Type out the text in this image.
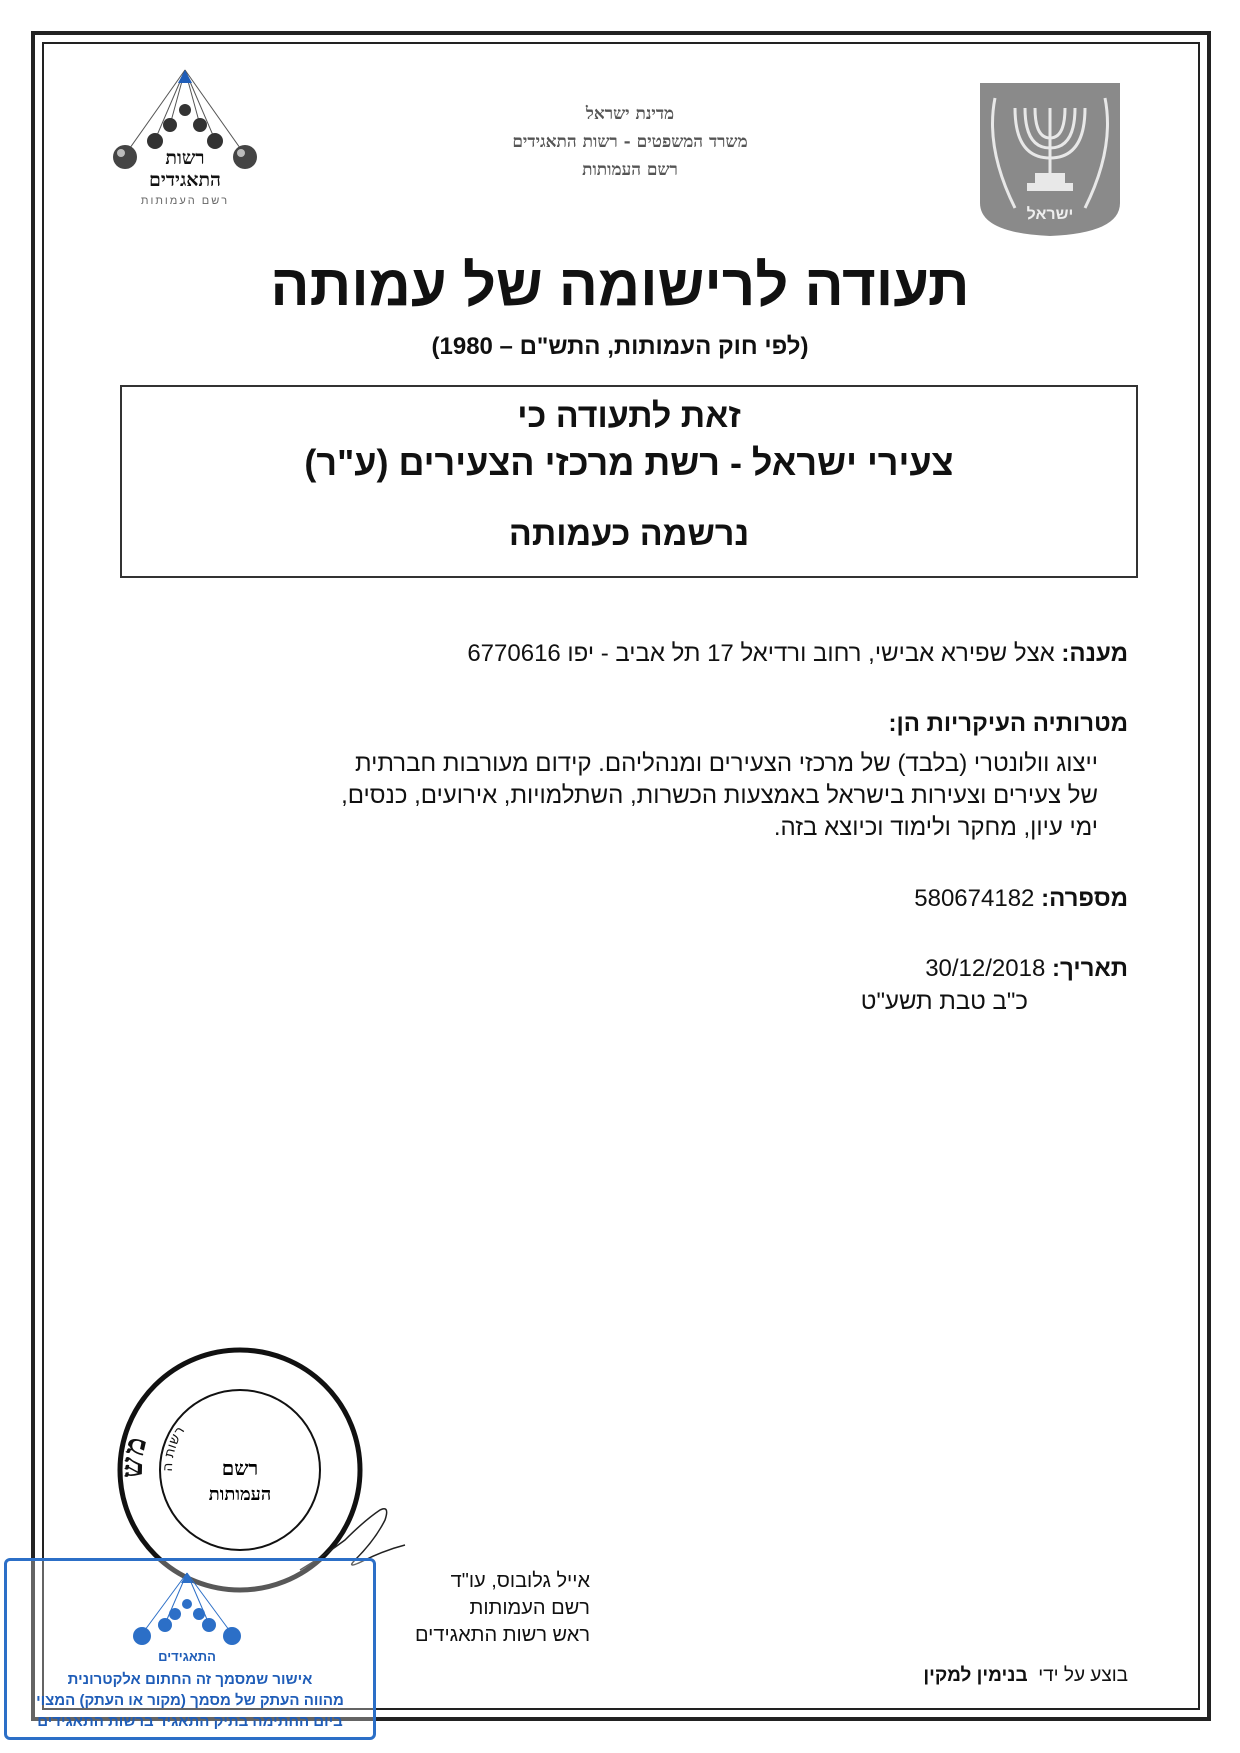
רשות
התאגידים
רשם העמותות
מדינת ישראל
משרד המשפטים - רשות התאגידים
רשם העמותות
ישראל
תעודה לרישומה של עמותה
(לפי חוק העמותות, התש"ם – 1980)
זאת לתעודה כי
צעירי ישראל - רשת מרכזי הצעירים (ע"ר)
נרשמה כעמותה
מענה: אצל שפירא אבישי, רחוב ורדיאל 17 תל אביב - יפו 6770616
מטרותיה העיקריות הן:
ייצוג וולונטרי (בלבד) של מרכזי הצעירים ומנהליהם. קידום מעורבות חברתית
של צעירים וצעירות בישראל באמצעות הכשרות, השתלמויות, אירועים, כנסים,
ימי עיון, מחקר ולימוד וכיוצא בזה.
מספרה: 580674182
תאריך: 30/12/2018
כ"ב טבת תשע"ט
מש
רשות ה	רשם
העמותות
אייל גלובוס, עו"ד
רשם העמותות
ראש רשות התאגידים
התאגידים
אישור שמסמך זה החתום אלקטרונית
מהווה העתק של מסמך (מקור או העתק) המצוי
ביום החתימה בתיק התאגיד ברשות התאגידים
בוצע על ידי  בנימין למקין
